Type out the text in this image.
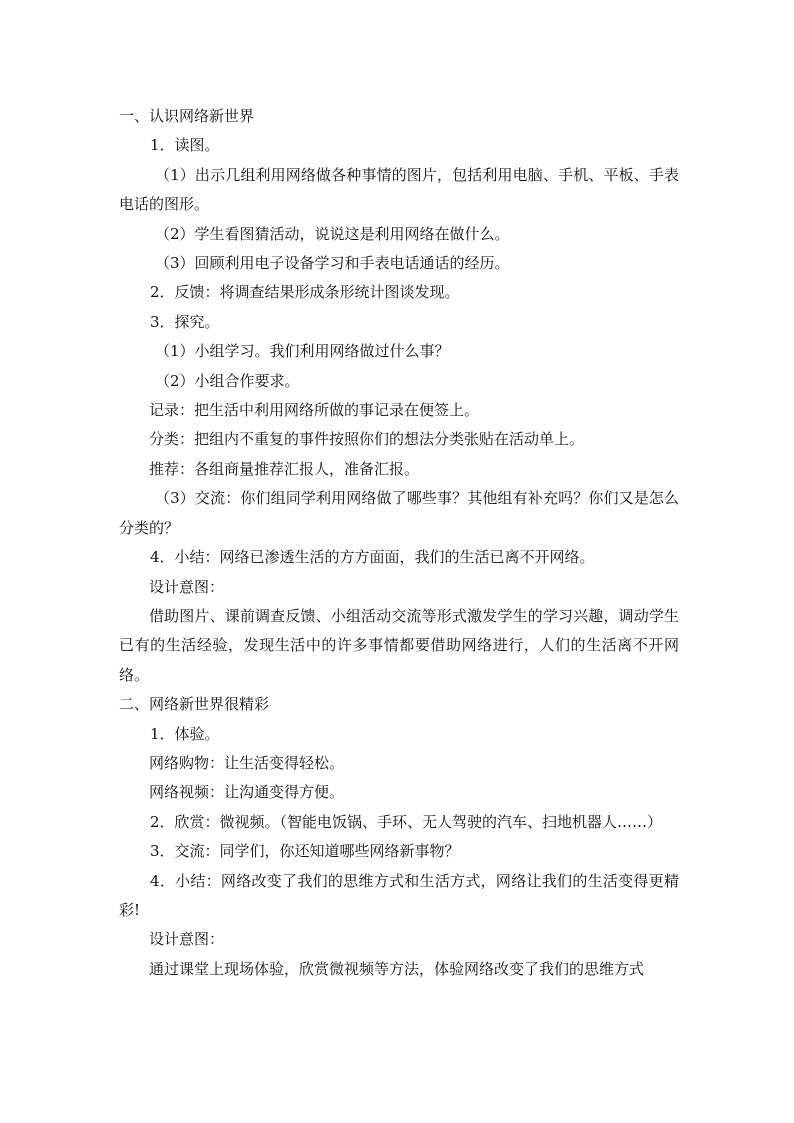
一、认识网络新世界

1．读图。

（1）出示几组利用网络做各种事情的图片，包括利用电脑、手机、平板、手表电话的图形。

（2）学生看图猜活动，说说这是利用网络在做什么。

（3）回顾利用电子设备学习和手表电话通话的经历。

2．反馈：将调查结果形成条形统计图谈发现。

3．探究。

（1）小组学习。我们利用网络做过什么事？

（2）小组合作要求。

记录：把生活中利用网络所做的事记录在便签上。

分类：把组内不重复的事件按照你们的想法分类张贴在活动单上。

推荐：各组商量推荐汇报人，准备汇报。

（3）交流：你们组同学利用网络做了哪些事？其他组有补充吗？你们又是怎么分类的？

4．小结：网络已渗透生活的方方面面，我们的生活已离不开网络。

设计意图：

借助图片、课前调查反馈、小组活动交流等形式激发学生的学习兴趣，调动学生已有的生活经验，发现生活中的许多事情都要借助网络进行，人们的生活离不开网络。

二、网络新世界很精彩

1．体验。

网络购物：让生活变得轻松。

网络视频：让沟通变得方便。

2．欣赏：微视频。（智能电饭锅、手环、无人驾驶的汽车、扫地机器人……）

3．交流：同学们，你还知道哪些网络新事物？

4．小结：网络改变了我们的思维方式和生活方式，网络让我们的生活变得更精彩!

设计意图：

通过课堂上现场体验，欣赏微视频等方法，体验网络改变了我们的思维方式
